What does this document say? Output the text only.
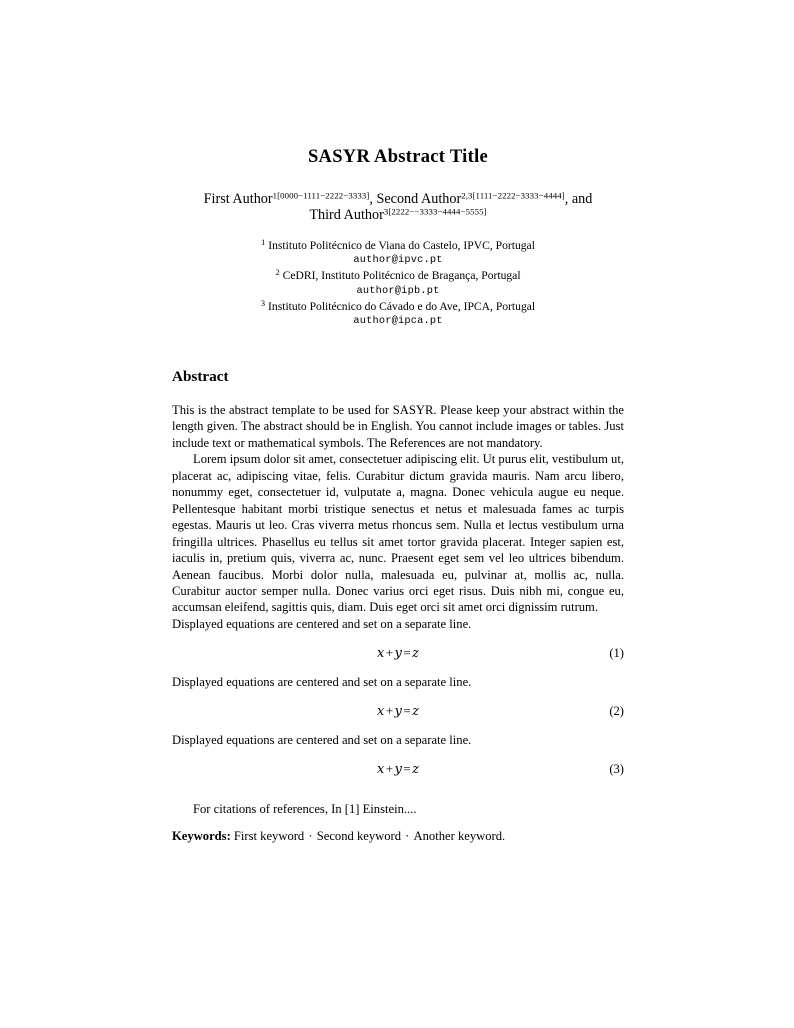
SASYR Abstract Title
First Author$^{1[0000-1111-2222-3333]}$, Second Author$^{2,3[1111-2222-3333-4444]}$, and
Third Author$^{3[2222--3333-4444-5555]}$
$^1$ Instituto Politécnico de Viana do Castelo, IPVC, Portugal
author@ipvc.pt
$^2$ CeDRI, Instituto Politécnico de Bragança, Portugal
author@ipb.pt
$^3$ Instituto Politécnico do Cávado e do Ave, IPCA, Portugal
author@ipca.pt
Abstract

This is the abstract template to be used for SASYR. Please keep your abstract within the length given. The abstract should be in English. You cannot include images or tables. Just include text or mathematical symbols. The References are not mandatory.

Lorem ipsum dolor sit amet, consectetuer adipiscing elit. Ut purus elit, vestibulum ut, placerat ac, adipiscing vitae, felis. Curabitur dictum gravida mauris. Nam arcu libero, nonummy eget, consectetuer id, vulputate a, magna. Donec vehicula augue eu neque. Pellentesque habitant morbi tristique senectus et netus et malesuada fames ac turpis egestas. Mauris ut leo. Cras viverra metus rhoncus sem. Nulla et lectus vestibulum urna fringilla ultrices. Phasellus eu tellus sit amet tortor gravida placerat. Integer sapien est, iaculis in, pretium quis, viverra ac, nunc. Praesent eget sem vel leo ultrices bibendum. Aenean faucibus. Morbi dolor nulla, malesuada eu, pulvinar at, mollis ac, nulla. Curabitur auctor semper nulla. Donec varius orci eget risus. Duis nibh mi, congue eu, accumsan eleifend, sagittis quis, diam. Duis eget orci sit amet orci dignissim rutrum.

Displayed equations are centered and set on a separate line.

x + y = z	(1)

Displayed equations are centered and set on a separate line.

x + y = z	(2)

Displayed equations are centered and set on a separate line.

x + y = z	(3)

For citations of references, In [1] Einstein....

Keywords: First keyword · Second keyword · Another keyword.
